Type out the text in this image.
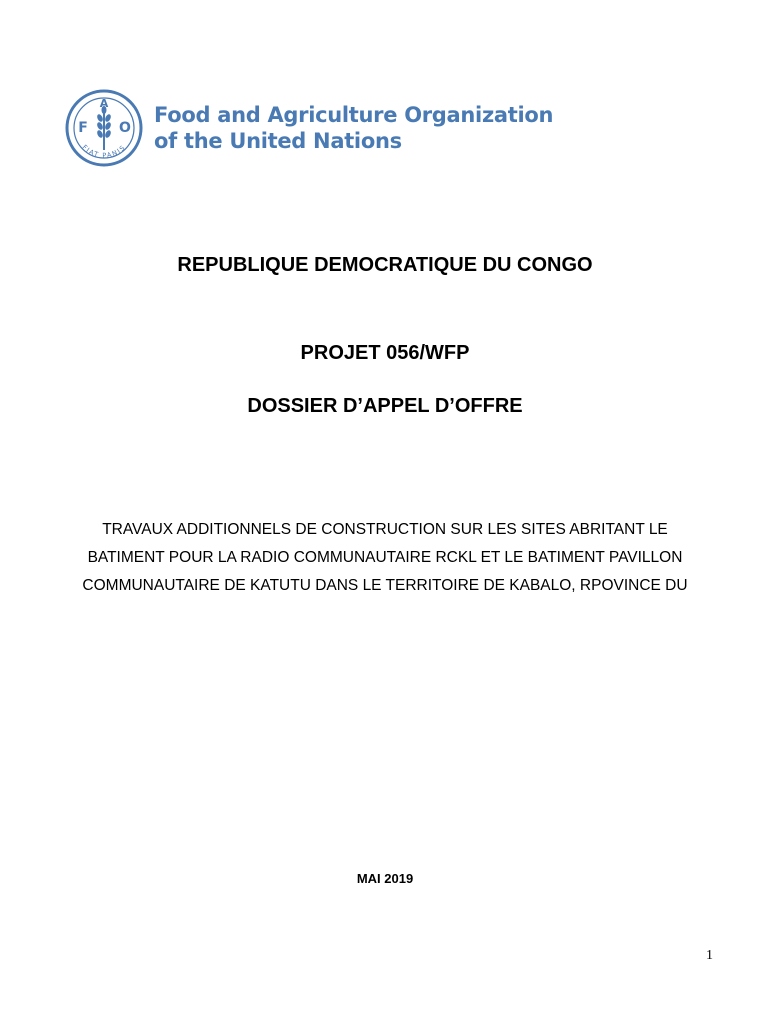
F
A
O
FIAT PANIS
Food and Agriculture Organization
of the United Nations
REPUBLIQUE DEMOCRATIQUE DU CONGO
PROJET 056/WFP
DOSSIER D’APPEL D’OFFRE
TRAVAUX ADDITIONNELS DE CONSTRUCTION SUR LES SITES ABRITANT LE
BATIMENT POUR LA RADIO COMMUNAUTAIRE RCKL ET LE BATIMENT PAVILLON
COMMUNAUTAIRE DE KATUTU DANS LE TERRITOIRE DE KABALO, RPOVINCE DU
MAI 2019
1
